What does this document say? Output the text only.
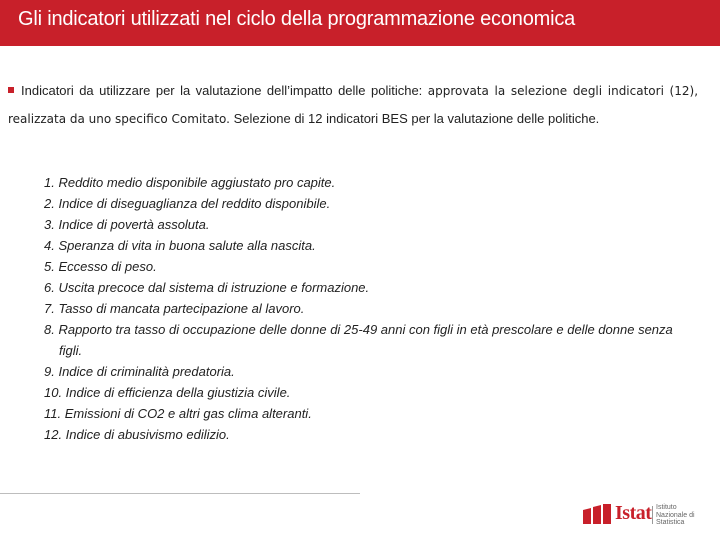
Gli indicatori utilizzati nel ciclo della programmazione economica
Indicatori da utilizzare per la valutazione dell’impatto delle politiche: approvata la selezione degli indicatori (12), realizzata da uno specifico Comitato. Selezione di 12 indicatori BES per la valutazione delle politiche.
1. Reddito medio disponibile aggiustato pro capite.
2. Indice di diseguaglianza del reddito disponibile.
3. Indice di povertà assoluta.
4. Speranza di vita in buona salute alla nascita.
5. Eccesso di peso.
6. Uscita precoce dal sistema di istruzione e formazione.
7. Tasso di mancata partecipazione al lavoro.
8. Rapporto tra tasso di occupazione delle donne di 25-49 anni con figli in età prescolare e delle donne senza figli.
9. Indice di criminalità predatoria.
10. Indice di efficienza della giustizia civile.
11. Emissioni di CO2 e altri gas clima alteranti.
12. Indice di abusivismo edilizio.
Istat Istituto Nazionale di Statistica
